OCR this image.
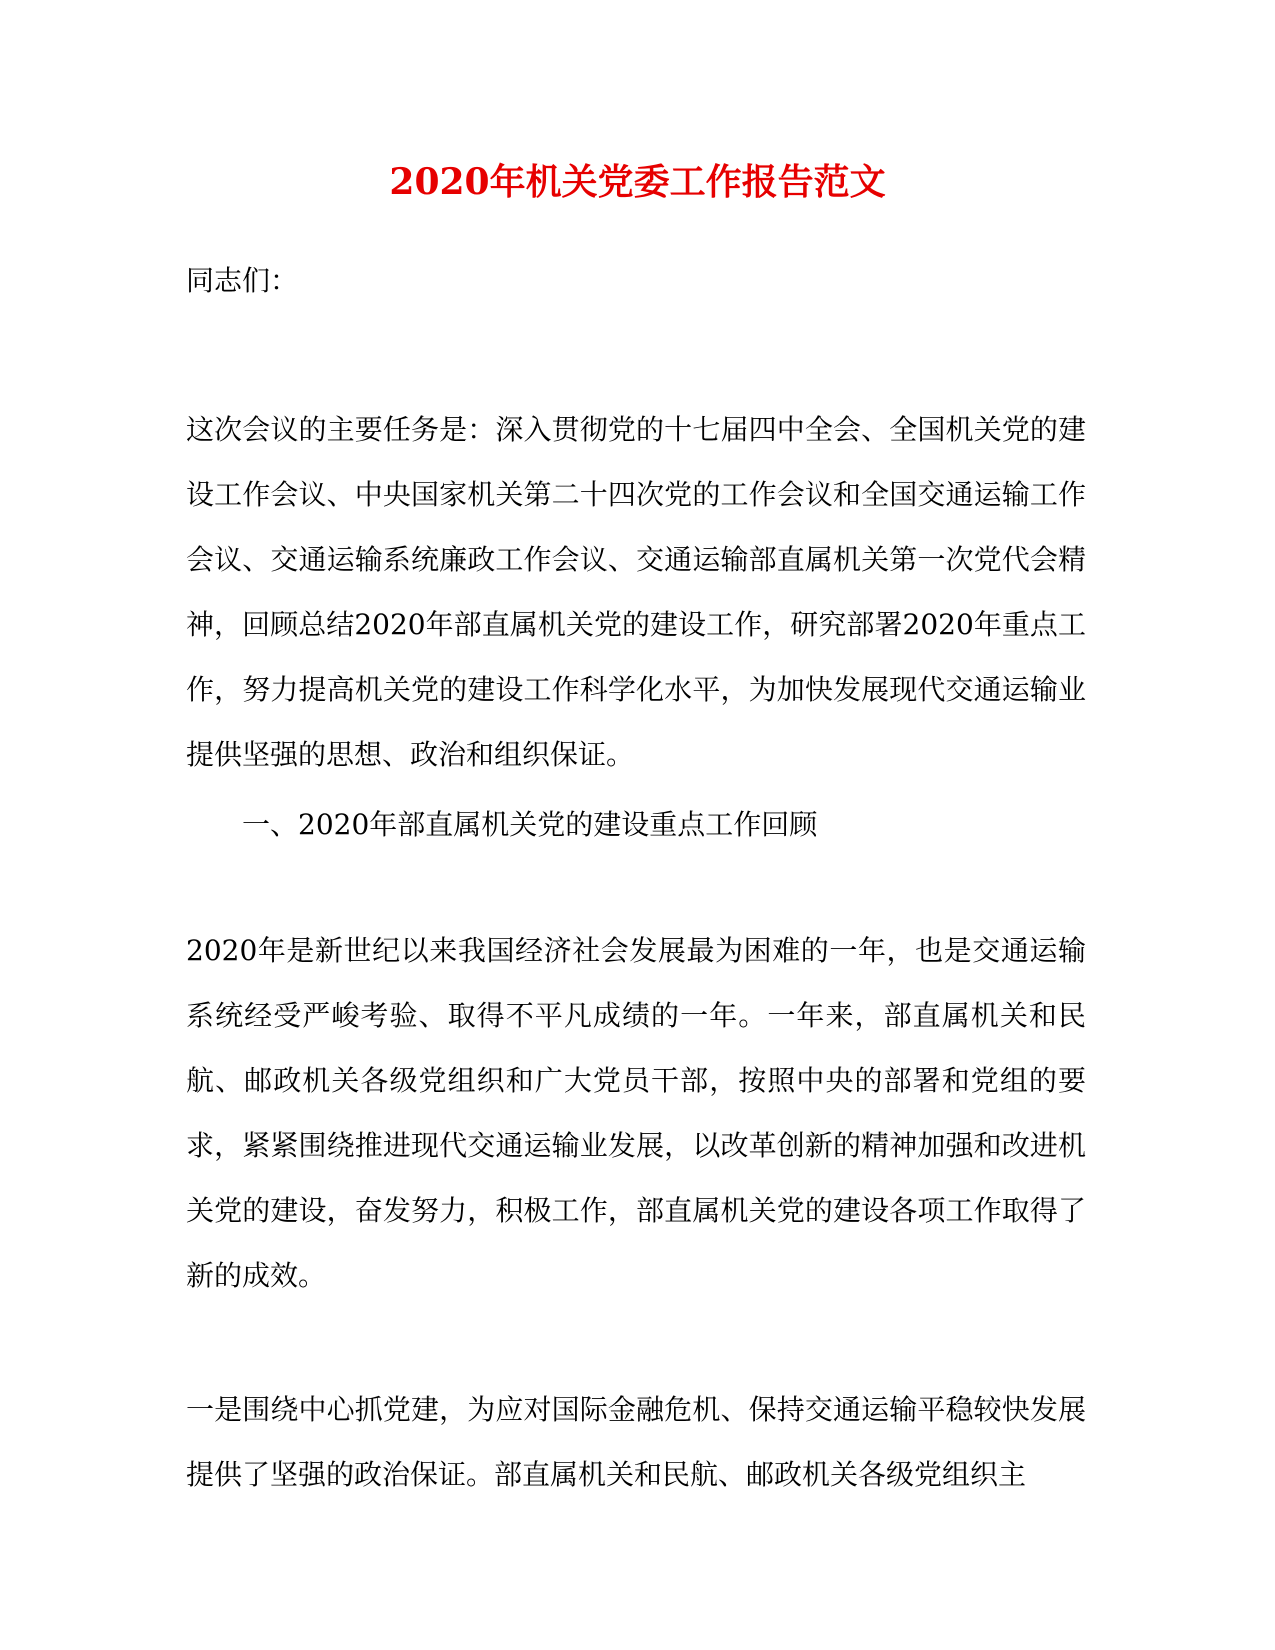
2020年机关党委工作报告范文

同志们：

这次会议的主要任务是：深入贯彻党的十七届四中全会、全国机关党的建设工作会议、中央国家机关第二十四次党的工作会议和全国交通运输工作会议、交通运输系统廉政工作会议、交通运输部直属机关第一次党代会精神，回顾总结2020年部直属机关党的建设工作，研究部署2020年重点工作，努力提高机关党的建设工作科学化水平，为加快发展现代交通运输业提供坚强的思想、政治和组织保证。

一、2020年部直属机关党的建设重点工作回顾

2020年是新世纪以来我国经济社会发展最为困难的一年，也是交通运输系统经受严峻考验、取得不平凡成绩的一年。一年来，部直属机关和民航、邮政机关各级党组织和广大党员干部，按照中央的部署和党组的要求，紧紧围绕推进现代交通运输业发展，以改革创新的精神加强和改进机关党的建设，奋发努力，积极工作，部直属机关党的建设各项工作取得了新的成效。

一是围绕中心抓党建，为应对国际金融危机、保持交通运输平稳较快发展提供了坚强的政治保证。部直属机关和民航、邮政机关各级党组织主
